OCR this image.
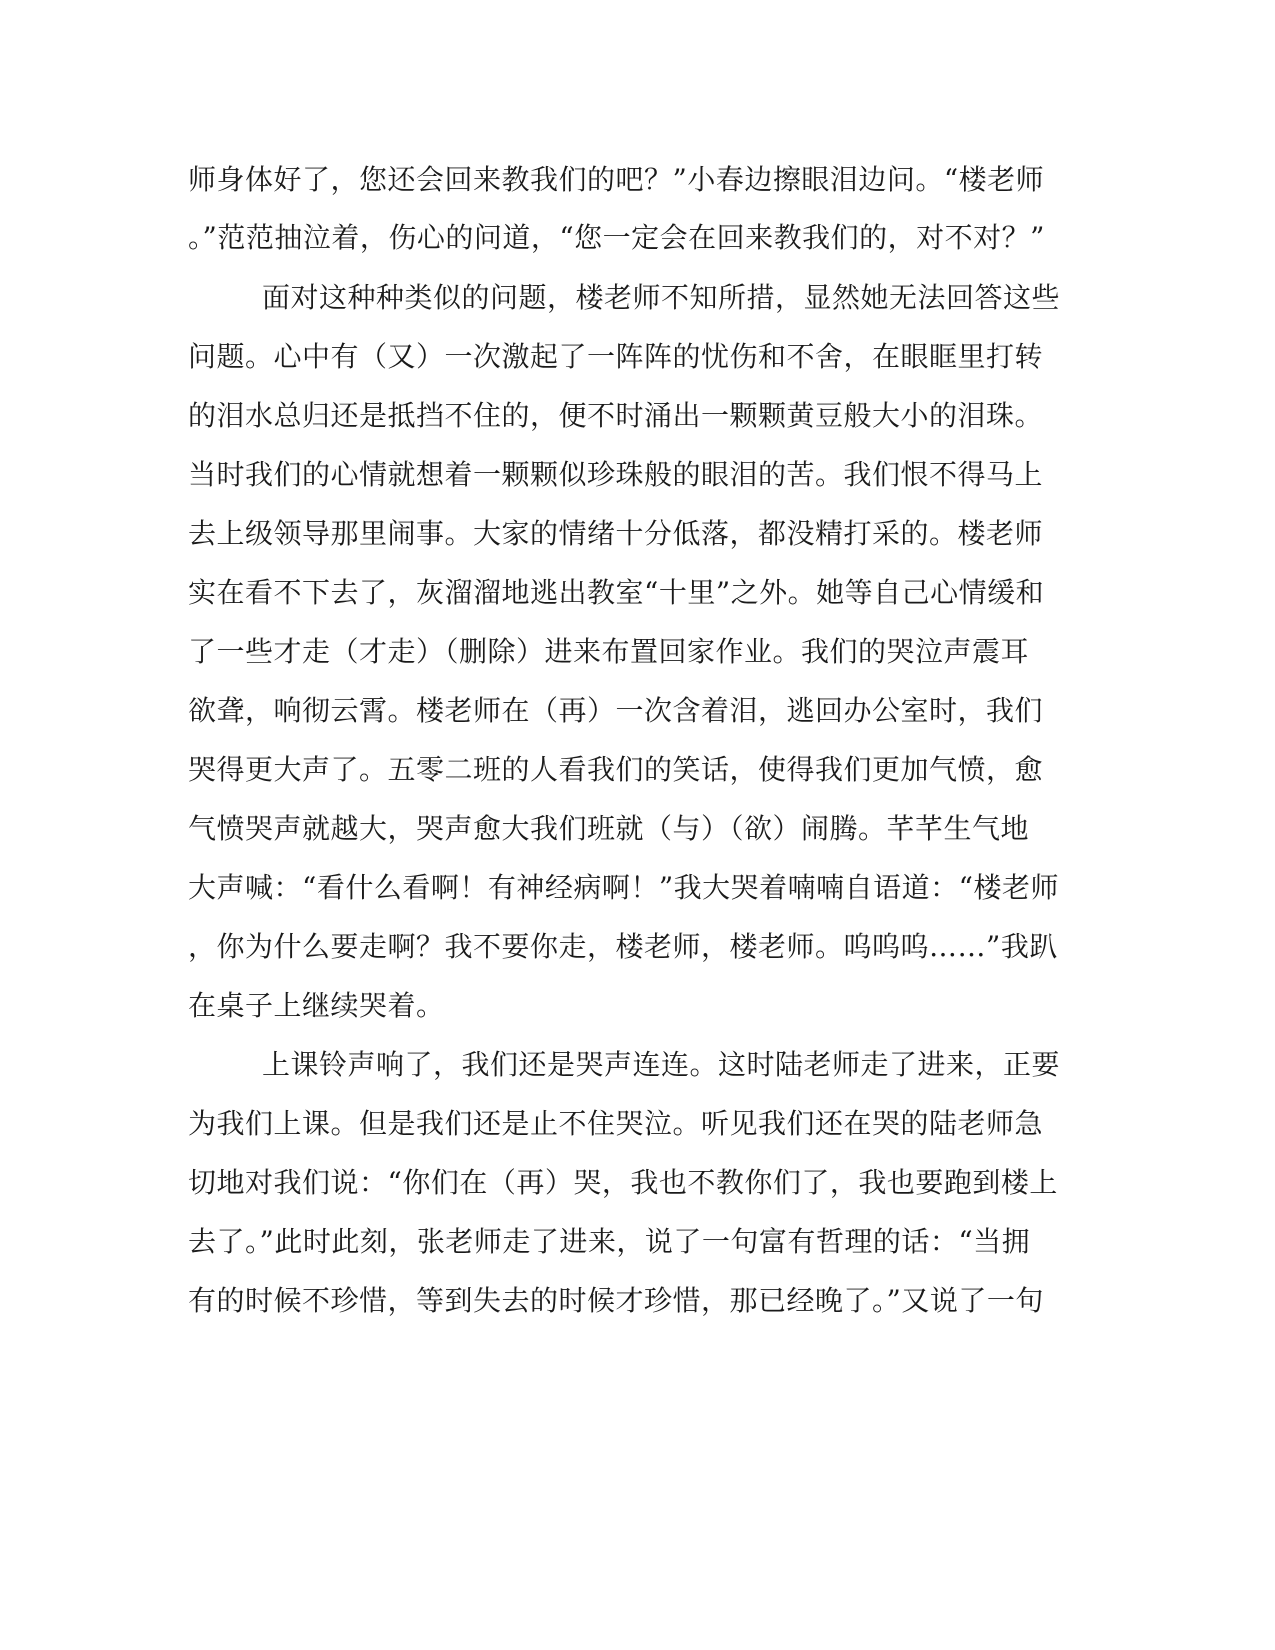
师身体好了，您还会回来教我们的吧？”小春边擦眼泪边问。“楼老师
。”范范抽泣着，伤心的问道，“您一定会在回来教我们的，对不对？”
面对这种种类似的问题，楼老师不知所措，显然她无法回答这些
问题。心中有（又）一次激起了一阵阵的忧伤和不舍，在眼眶里打转
的泪水总归还是抵挡不住的，便不时涌出一颗颗黄豆般大小的泪珠。
当时我们的心情就想着一颗颗似珍珠般的眼泪的苦。我们恨不得马上
去上级领导那里闹事。大家的情绪十分低落，都没精打采的。楼老师
实在看不下去了，灰溜溜地逃出教室“十里”之外。她等自己心情缓和
了一些才走（才走）（删除）进来布置回家作业。我们的哭泣声震耳
欲聋，响彻云霄。楼老师在（再）一次含着泪，逃回办公室时，我们
哭得更大声了。五零二班的人看我们的笑话，使得我们更加气愤，愈
气愤哭声就越大，哭声愈大我们班就（与）（欲）闹腾。芊芊生气地
大声喊：“看什么看啊！有神经病啊！”我大哭着喃喃自语道：“楼老师
，你为什么要走啊？我不要你走，楼老师，楼老师。呜呜呜……”我趴
在桌子上继续哭着。
上课铃声响了，我们还是哭声连连。这时陆老师走了进来，正要
为我们上课。但是我们还是止不住哭泣。听见我们还在哭的陆老师急
切地对我们说：“你们在（再）哭，我也不教你们了，我也要跑到楼上
去了。”此时此刻，张老师走了进来，说了一句富有哲理的话：“当拥
有的时候不珍惜，等到失去的时候才珍惜，那已经晚了。”又说了一句
